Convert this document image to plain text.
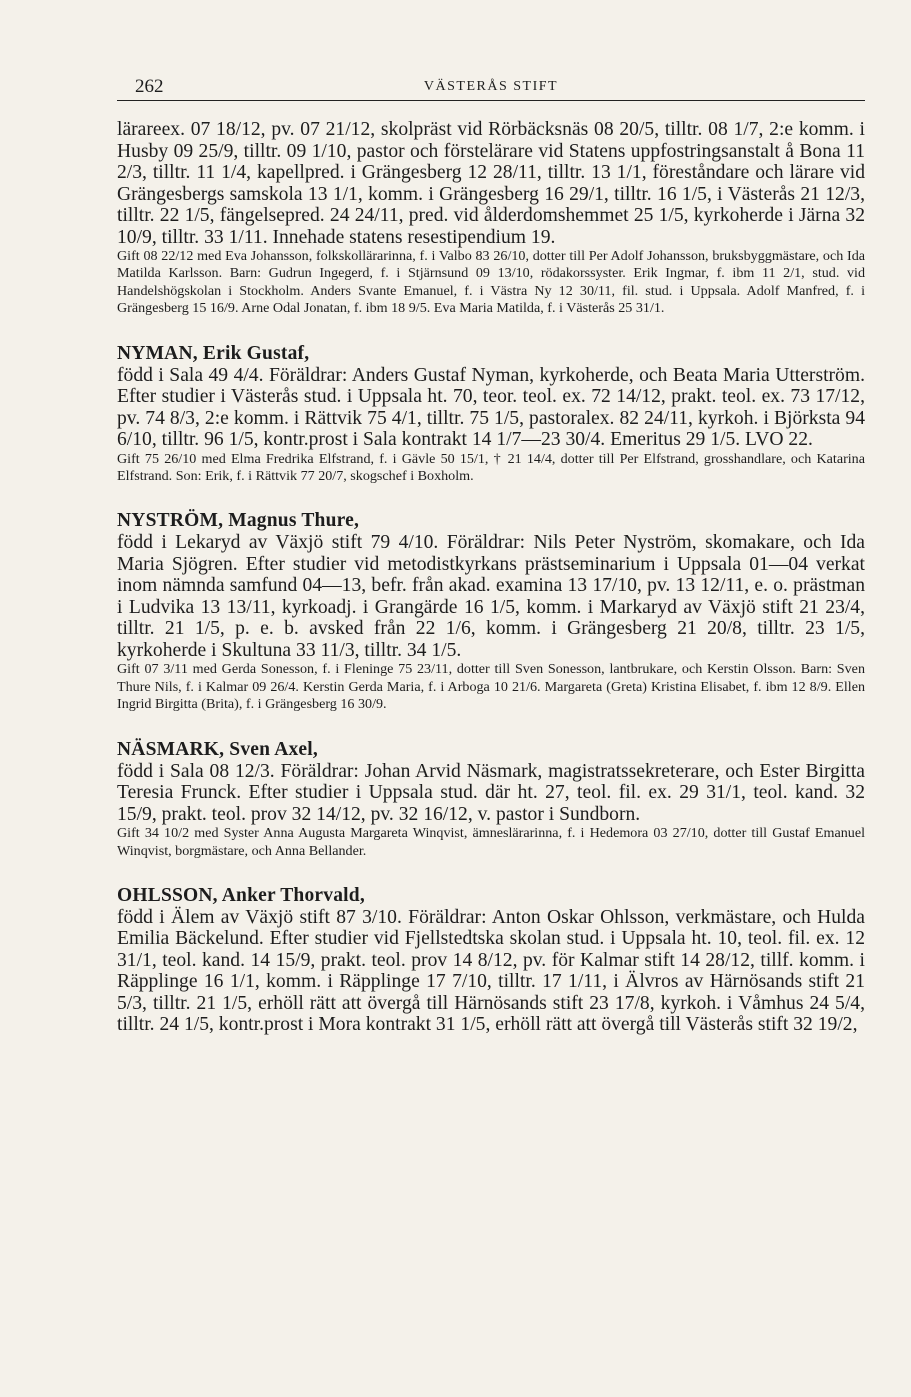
262	VÄSTERÅS STIFT

lärareex. 07 18/12, pv. 07 21/12, skolpräst vid Rörbäcksnäs 08 20/5, tilltr. 08 1/7, 2:e komm. i Husby 09 25/9, tilltr. 09 1/10, pastor och förstelärare vid Statens uppfostringsanstalt å Bona 11 2/3, tilltr. 11 1/4, kapellpred. i Grängesberg 12 28/11, tilltr. 13 1/1, föreståndare och lärare vid Grängesbergs samskola 13 1/1, komm. i Grängesberg 16 29/1, tilltr. 16 1/5, i Västerås 21 12/3, tilltr. 22 1/5, fängelsepred. 24 24/11, pred. vid ålderdomshemmet 25 1/5, kyrkoherde i Järna 32 10/9, tilltr. 33 1/11. Innehade statens resestipendium 19.

Gift 08 22/12 med Eva Johansson, folkskollärarinna, f. i Valbo 83 26/10, dotter till Per Adolf Johansson, bruksbyggmästare, och Ida Matilda Karlsson. Barn: Gudrun Ingegerd, f. i Stjärnsund 09 13/10, rödakorssyster. Erik Ingmar, f. ibm 11 2/1, stud. vid Handelshögskolan i Stockholm. Anders Svante Emanuel, f. i Västra Ny 12 30/11, fil. stud. i Uppsala. Adolf Manfred, f. i Grängesberg 15 16/9. Arne Odal Jonatan, f. ibm 18 9/5. Eva Maria Matilda, f. i Västerås 25 31/1.

NYMAN, Erik Gustaf,

född i Sala 49 4/4. Föräldrar: Anders Gustaf Nyman, kyrkoherde, och Beata Maria Utterström. Efter studier i Västerås stud. i Uppsala ht. 70, teor. teol. ex. 72 14/12, prakt. teol. ex. 73 17/12, pv. 74 8/3, 2:e komm. i Rättvik 75 4/1, tilltr. 75 1/5, pastoralex. 82 24/11, kyrkoh. i Björksta 94 6/10, tilltr. 96 1/5, kontr.prost i Sala kontrakt 14 1/7—23 30/4. Emeritus 29 1/5. LVO 22.

Gift 75 26/10 med Elma Fredrika Elfstrand, f. i Gävle 50 15/1, † 21 14/4, dotter till Per Elfstrand, grosshandlare, och Katarina Elfstrand. Son: Erik, f. i Rättvik 77 20/7, skogschef i Boxholm.

NYSTRÖM, Magnus Thure,

född i Lekaryd av Växjö stift 79 4/10. Föräldrar: Nils Peter Nyström, skomakare, och Ida Maria Sjögren. Efter studier vid metodistkyrkans prästseminarium i Uppsala 01—04 verkat inom nämnda samfund 04—13, befr. från akad. examina 13 17/10, pv. 13 12/11, e. o. prästman i Ludvika 13 13/11, kyrkoadj. i Grangärde 16 1/5, komm. i Markaryd av Växjö stift 21 23/4, tilltr. 21 1/5, p. e. b. avsked från 22 1/6, komm. i Grängesberg 21 20/8, tilltr. 23 1/5, kyrkoherde i Skultuna 33 11/3, tilltr. 34 1/5.

Gift 07 3/11 med Gerda Sonesson, f. i Fleninge 75 23/11, dotter till Sven Sonesson, lantbrukare, och Kerstin Olsson. Barn: Sven Thure Nils, f. i Kalmar 09 26/4. Kerstin Gerda Maria, f. i Arboga 10 21/6. Margareta (Greta) Kristina Elisabet, f. ibm 12 8/9. Ellen Ingrid Birgitta (Brita), f. i Grängesberg 16 30/9.

NÄSMARK, Sven Axel,

född i Sala 08 12/3. Föräldrar: Johan Arvid Näsmark, magistratssekreterare, och Ester Birgitta Teresia Frunck. Efter studier i Uppsala stud. där ht. 27, teol. fil. ex. 29 31/1, teol. kand. 32 15/9, prakt. teol. prov 32 14/12, pv. 32 16/12, v. pastor i Sundborn.

Gift 34 10/2 med Syster Anna Augusta Margareta Winqvist, ämneslärarinna, f. i Hedemora 03 27/10, dotter till Gustaf Emanuel Winqvist, borgmästare, och Anna Bellander.

OHLSSON, Anker Thorvald,

född i Älem av Växjö stift 87 3/10. Föräldrar: Anton Oskar Ohlsson, verkmästare, och Hulda Emilia Bäckelund. Efter studier vid Fjellstedtska skolan stud. i Uppsala ht. 10, teol. fil. ex. 12 31/1, teol. kand. 14 15/9, prakt. teol. prov 14 8/12, pv. för Kalmar stift 14 28/12, tillf. komm. i Räpplinge 16 1/1, komm. i Räpplinge 17 7/10, tilltr. 17 1/11, i Älvros av Härnösands stift 21 5/3, tilltr. 21 1/5, erhöll rätt att övergå till Härnösands stift 23 17/8, kyrkoh. i Våmhus 24 5/4, tilltr. 24 1/5, kontr.prost i Mora kontrakt 31 1/5, erhöll rätt att övergå till Västerås stift 32 19/2,
